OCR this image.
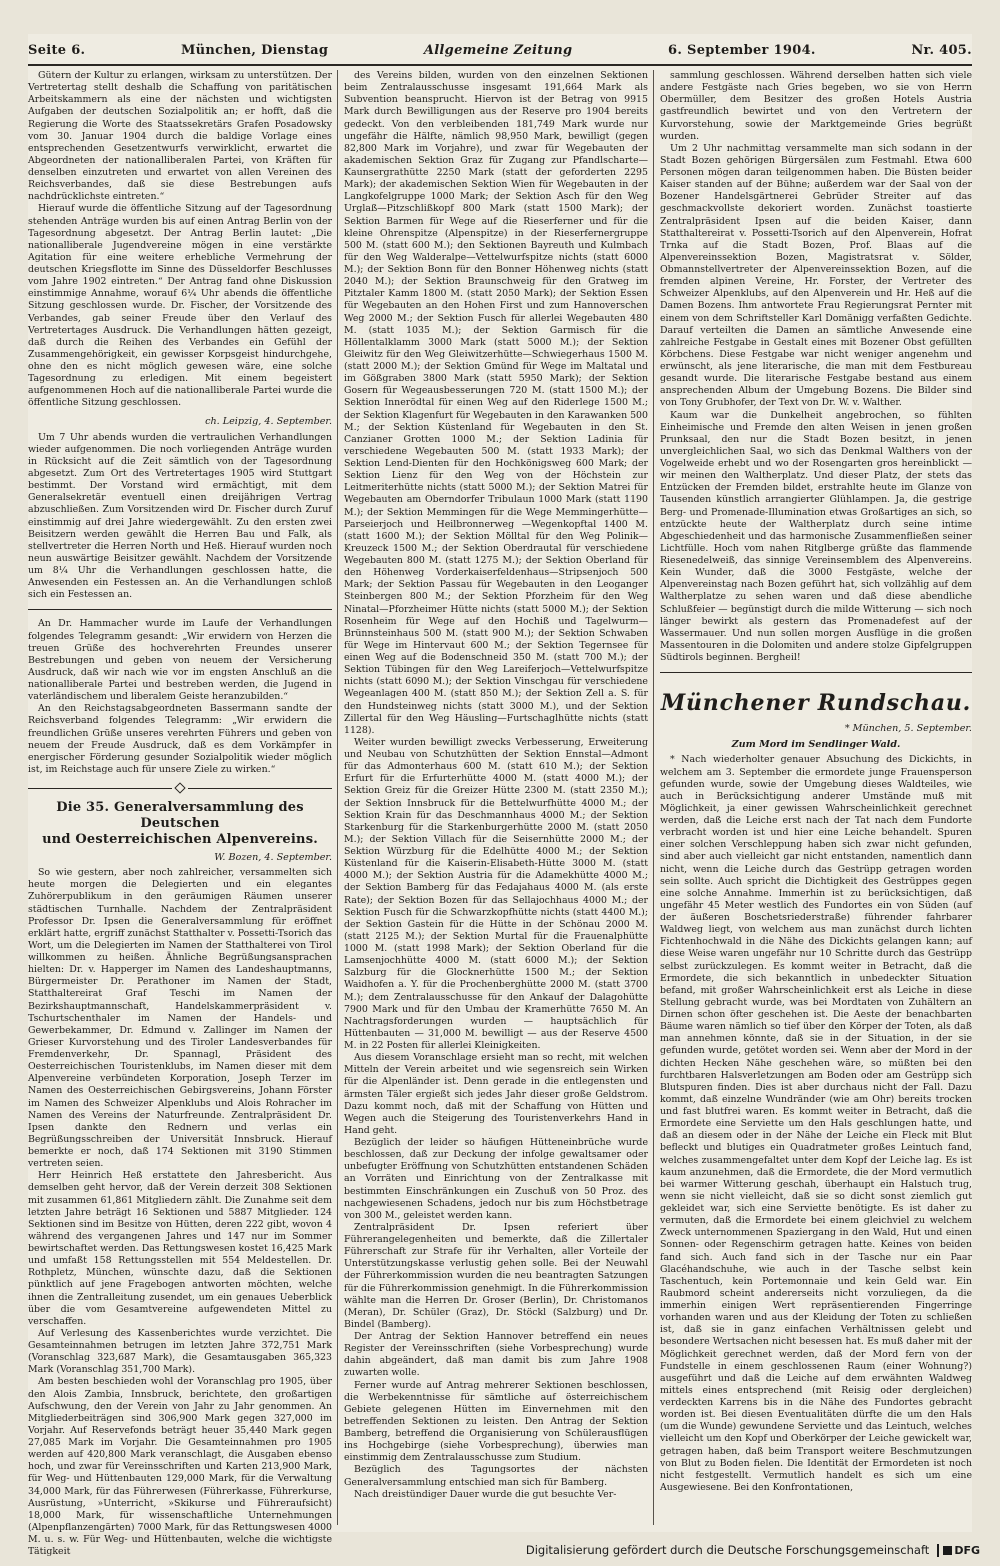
Seite 6.	München, Dienstag	Allgemeine Zeitung	6. September 1904.	Nr. 405.

Gütern der Kultur zu erlangen, wirksam zu unterstützen. Der Vertretertag stellt deshalb die Schaffung von paritätischen Arbeitskammern als eine der nächsten und wichtigsten Aufgaben der deutschen Sozialpolitik an; er hofft, daß die Regierung die Worte des Staatssekretärs Grafen Posadowsky vom 30. Januar 1904 durch die baldige Vorlage eines entsprechenden Gesetzentwurfs verwirklicht, erwartet die Abgeordneten der nationalliberalen Partei, von Kräften für denselben einzutreten und erwartet von allen Vereinen des Reichsverbandes, daß sie diese Bestrebungen aufs nachdrücklichste eintreten.“

Hierauf wurde die öffentliche Sitzung auf der Tagesordnung stehenden Anträge wurden bis auf einen Antrag Berlin von der Tagesordnung abgesetzt. Der Antrag Berlin lautet: „Die nationalliberale Jugendvereine mögen in eine verstärkte Agitation für eine weitere erhebliche Vermehrung der deutschen Kriegsflotte im Sinne des Düsseldorfer Beschlusses vom Jahre 1902 eintreten.“ Der Antrag fand ohne Diskussion einstimmige Annahme, worauf 6¼ Uhr abends die öffentliche Sitzung geschlossen wurde. Dr. Fischer, der Vorsitzende des Verbandes, gab seiner Freude über den Verlauf des Vertretertages Ausdruck. Die Verhandlungen hätten gezeigt, daß durch die Reihen des Verbandes ein Gefühl der Zusammengehörigkeit, ein gewisser Korpsgeist hindurchgehe, ohne den es nicht möglich gewesen wäre, eine solche Tagesordnung zu erledigen. Mit einem begeistert aufgenommenen Hoch auf die nationalliberale Partei wurde die öffentliche Sitzung geschlossen.

ch. Leipzig, 4. September.

Um 7 Uhr abends wurden die vertraulichen Verhandlungen wieder aufgenommen. Die noch vorliegenden Anträge wurden in Rücksicht auf die Zeit sämtlich von der Tagesordnung abgesetzt. Zum Ort des Vertretertages 1905 wird Stuttgart bestimmt. Der Vorstand wird ermächtigt, mit dem Generalsekretär eventuell einen dreijährigen Vertrag abzuschließen. Zum Vorsitzenden wird Dr. Fischer durch Zuruf einstimmig auf drei Jahre wiedergewählt. Zu den ersten zwei Beisitzern werden gewählt die Herren Bau und Falk, als stellvertreter die Herren North und Heß. Hierauf wurden noch neun auswärtige Beisitzer gewählt. Nachdem der Vorsitzende um 8¼ Uhr die Verhandlungen geschlossen hatte, die Anwesenden ein Festessen an. An die Verhandlungen schloß sich ein Festessen an.

An Dr. Hammacher wurde im Laufe der Verhandlungen folgendes Telegramm gesandt: „Wir erwidern von Herzen die treuen Grüße des hochverehrten Freundes unserer Bestrebungen und geben von neuem der Versicherung Ausdruck, daß wir nach wie vor im engsten Anschluß an die nationalliberale Partei und bestreben werden, die Jugend in vaterländischem und liberalem Geiste heranzubilden.“

An den Reichstagsabgeordneten Bassermann sandte der Reichsverband folgendes Telegramm: „Wir erwidern die freundlichen Grüße unseres verehrten Führers und geben von neuem der Freude Ausdruck, daß es dem Vorkämpfer in energischer Förderung gesunder Sozialpolitik wieder möglich ist, im Reichstage auch für unsere Ziele zu wirken.“

Die 35. Generalversammlung des Deutschen
und Oesterreichischen Alpenvereins.
W. Bozen, 4. September.

So wie gestern, aber noch zahlreicher, versammelten sich heute morgen die Delegierten und ein elegantes Zuhörerpublikum in den geräumigen Räumen unserer städtischen Turnhalle. Nachdem der Zentralpräsident Professor Dr. Ipsen die Generalversammlung für eröffnet erklärt hatte, ergriff zunächst Statthalter v. Possetti-Tsorich das Wort, um die Delegierten im Namen der Statthalterei von Tirol willkommen zu heißen. Ähnliche Begrüßungsansprachen hielten: Dr. v. Happerger im Namen des Landeshauptmanns, Bürgermeister Dr. Perathoner im Namen der Stadt, Statthaltereirat Graf Teschi im Namen der Bezirkshauptmannschaft, Handelskammerpräsident v. Tschurtschenthaler im Namen der Handels- und Gewerbekammer, Dr. Edmund v. Zallinger im Namen der Grieser Kurvorstehung und des Tiroler Landesverbandes für Fremdenverkehr, Dr. Spannagl, Präsident des Oesterreichischen Touristenklubs, im Namen dieser mit dem Alpenvereine verbündeten Korporation, Joseph Terzer im Namen des Oesterreichischen Gebirgsvereins, Johann Förster im Namen des Schweizer Alpenklubs und Alois Rohracher im Namen des Vereins der Naturfreunde. Zentralpräsident Dr. Ipsen dankte den Rednern und verlas ein Begrüßungsschreiben der Universität Innsbruck. Hierauf bemerkte er noch, daß 174 Sektionen mit 3190 Stimmen vertreten seien.

Herr Heinrich Heß erstattete den Jahresbericht. Aus demselben geht hervor, daß der Verein derzeit 308 Sektionen mit zusammen 61,861 Mitgliedern zählt. Die Zunahme seit dem letzten Jahre beträgt 16 Sektionen und 5887 Mitglieder. 124 Sektionen sind im Besitze von Hütten, deren 222 gibt, wovon 4 während des vergangenen Jahres und 147 nur im Sommer bewirtschaftet werden. Das Rettungswesen kostet 16,425 Mark und umfaßt 158 Rettungsstellen mit 554 Meldestellen. Dr. Rothpletz, München, wünschte dazu, daß die Sektionen pünktlich auf jene Fragebogen antworten möchten, welche ihnen die Zentralleitung zusendet, um ein genaues Ueberblick über die vom Gesamtvereine aufgewendeten Mittel zu verschaffen.

Auf Verlesung des Kassenberichtes wurde verzichtet. Die Gesamteinnahmen betrugen im letzten Jahre 372,751 Mark (Voranschlag 323,687 Mark), die Gesamtausgaben 365,323 Mark (Voranschlag 351,700 Mark).

Am besten beschieden wohl der Voranschlag pro 1905, über den Alois Zambia, Innsbruck, berichtete, den großartigen Aufschwung, den der Verein von Jahr zu Jahr genommen. An Mitgliederbeiträgen sind 306,900 Mark gegen 327,000 im Vorjahr. Auf Reservefonds beträgt heuer 35,440 Mark gegen 27,085 Mark im Vorjahr. Die Gesamteinnahmen pro 1905 werden auf 420,800 Mark veranschlagt, die Ausgaben ebenso hoch, und zwar für Vereinsschriften und Karten 213,900 Mark, für Weg- und Hüttenbauten 129,000 Mark, für die Verwaltung 34,000 Mark, für das Führerwesen (Führerkasse, Führerkurse, Ausrüstung, »Unterricht, »Skikurse und Führeraufsicht) 18,000 Mark, für wissenschaftliche Unternehmungen (Alpenpflanzengärten) 7000 Mark, für das Rettungswesen 4000 M. u. s. w. Für Weg- und Hüttenbauten, welche die wichtigste Tätigkeit

des Vereins bilden, wurden von den einzelnen Sektionen beim Zentralausschusse insgesamt 191,664 Mark als Subvention beansprucht. Hiervon ist der Betrag von 9915 Mark durch Bewilligungen aus der Reserve pro 1904 bereits gedeckt. Von den verbleibenden 181,749 Mark wurde nur ungefähr die Hälfte, nämlich 98,950 Mark, bewilligt (gegen 82,800 Mark im Vorjahre), und zwar für Wegebauten der akademischen Sektion Graz für Zugang zur Pfandlscharte—Kaunsergrathütte 2250 Mark (statt der geforderten 2295 Mark); der akademischen Sektion Wien für Wegebauten in der Langkofelgruppe 1000 Mark; der Sektion Asch für den Weg Urglaß—Pitzschlißkopf 800 Mark (statt 1500 Mark); der Sektion Barmen für Wege auf die Rieserferner und für die kleine Ohrenspitze (Alpenspitze) in der Rieserfernergruppe 500 M. (statt 600 M.); den Sektionen Bayreuth und Kulmbach für den Weg Walderalpe—Vettelwurfspitze nichts (statt 6000 M.); der Sektion Bonn für den Bonner Höhenweg nichts (statt 2040 M.); der Sektion Braunschweig für den Gratweg im Pitztaler Kamm 1800 M. (statt 2050 Mark); der Sektion Essen für Wegebauten an den Hohen First und zum Hannoverschen Weg 2000 M.; der Sektion Fusch für allerlei Wegebauten 480 M. (statt 1035 M.); der Sektion Garmisch für die Höllentalklamm 3000 Mark (statt 5000 M.); der Sektion Gleiwitz für den Weg Gleiwitzerhütte—Schwiegerhaus 1500 M. (statt 2000 M.); der Sektion Gmünd für Wege im Maltatal und im Gößgraben 3800 Mark (statt 5950 Mark); der Sektion Gosern für Wegeausbesserungen 720 M. (statt 1500 M.); der Sektion Innerödtal für einen Weg auf den Riderlege 1500 M.; der Sektion Klagenfurt für Wegebauten in den Karawanken 500 M.; der Sektion Küstenland für Wegebauten in den St. Canzianer Grotten 1000 M.; der Sektion Ladinia für verschiedene Wegebauten 500 M. (statt 1933 Mark); der Sektion Lend-Dienten für den Hochkönigsweg 600 Mark; der Sektion Lienz für den Weg von der Höchstein zur Leitmeriterhütte nichts (statt 5000 M.); der Sektion Matrei für Wegebauten am Oberndorfer Tribulaun 1000 Mark (statt 1190 M.); der Sektion Memmingen für die Wege Memmingerhütte—Parseierjoch und Heilbronnerweg —Wegenkopftal 1400 M. (statt 1600 M.); der Sektion Mölltal für den Weg Polinik—Kreuzeck 1500 M.; der Sektion Oberdrautal für verschiedene Wegebauten 800 M. (statt 1275 M.); der Sektion Oberland für den Höhenweg Vorderkaiserfeldenhaus—Stripsenjoch 500 Mark; der Sektion Passau für Wegebauten in den Leoganger Steinbergen 800 M.; der Sektion Pforzheim für den Weg Ninatal—Pforzheimer Hütte nichts (statt 5000 M.); der Sektion Rosenheim für Wege auf den Hochiß und Tagelwurm—Brünnsteinhaus 500 M. (statt 900 M.); der Sektion Schwaben für Wege im Hintervaut 600 M.; der Sektion Tegernsee für einen Weg auf die Bodenschneid 350 M. (statt 700 M.); der Sektion Tübingen für den Weg Lareiferjoch—Vettelwurfspitze nichts (statt 6090 M.); der Sektion Vinschgau für verschiedene Wegeanlagen 400 M. (statt 850 M.); der Sektion Zell a. S. für den Hundsteinweg nichts (statt 3000 M.), und der Sektion Zillertal für den Weg Häusling—Furtschaglhütte nichts (statt 1128).

Weiter wurden bewilligt zwecks Verbesserung, Erweiterung und Neubau von Schutzhütten der Sektion Ennstal—Admont für das Admonterhaus 600 M. (statt 610 M.); der Sektion Erfurt für die Erfurterhütte 4000 M. (statt 4000 M.); der Sektion Greiz für die Greizer Hütte 2300 M. (statt 2350 M.); der Sektion Innsbruck für die Bettelwurfhütte 4000 M.; der Sektion Krain für das Deschmannhaus 4000 M.; der Sektion Starkenburg für die Starkenburgerhütte 2000 M. (statt 2050 M.); der Sektion Villach für die Seisernhütte 2000 M.; der Sektion Würzburg für die Edelhütte 4000 M.; der Sektion Küstenland für die Kaiserin-Elisabeth-Hütte 3000 M. (statt 4000 M.); der Sektion Austria für die Adamekhütte 4000 M.; der Sektion Bamberg für das Fedajahaus 4000 M. (als erste Rate); der Sektion Bozen für das Sellajochhaus 4000 M.; der Sektion Fusch für die Schwarzkopfhütte nichts (statt 4400 M.); der Sektion Gastein für die Hütte in der Schönau 2000 M. (statt 2125 M.); der Sektion Murtal für die Frauenalphütte 1000 M. (statt 1998 Mark); der Sektion Oberland für die Lamsenjochhütte 4000 M. (statt 6000 M.); der Sektion Salzburg für die Glocknerhütte 1500 M.; der Sektion Waidhofen a. Y. für die Prochenberghütte 2000 M. (statt 3700 M.); dem Zentralausschusse für den Ankauf der Dalagohütte 7900 Mark und für den Umbau der Kramerhütte 7650 M. An Nachtragsforderungen wurden — hauptsächlich für Hüttenbauten — 31,000 M. bewilligt — aus der Reserve 4500 M. in 22 Posten für allerlei Kleinigkeiten.

Aus diesem Voranschlage ersieht man so recht, mit welchen Mitteln der Verein arbeitet und wie segensreich sein Wirken für die Alpenländer ist. Denn gerade in die entlegensten und ärmsten Täler ergießt sich jedes Jahr dieser große Geldstrom. Dazu kommt noch, daß mit der Schaffung von Hütten und Wegen auch die Steigerung des Touristenverkehrs Hand in Hand geht.

Bezüglich der leider so häufigen Hütteneinbrüche wurde beschlossen, daß zur Deckung der infolge gewaltsamer oder unbefugter Eröffnung von Schutzhütten entstandenen Schäden an Vorräten und Einrichtung von der Zentralkasse mit bestimmten Einschränkungen ein Zuschuß von 50 Proz. des nachgewiesenen Schadens, jedoch nur bis zum Höchstbetrage von 300 M., geleistet werden kann.

Zentralpräsident Dr. Ipsen referiert über Führerangelegenheiten und bemerkte, daß die Zillertaler Führerschaft zur Strafe für ihr Verhalten, aller Vorteile der Unterstützungskasse verlustig gehen solle. Bei der Neuwahl der Führerkommission wurden die neu beantragten Satzungen für die Führerkommission genehmigt. In die Führerkommission wählte man die Herren Dr. Groser (Berlin), Dr. Christomanos (Meran), Dr. Schüler (Graz), Dr. Stöckl (Salzburg) und Dr. Bindel (Bamberg).

Der Antrag der Sektion Hannover betreffend ein neues Register der Vereinsschriften (siehe Vorbesprechung) wurde dahin abgeändert, daß man damit bis zum Jahre 1908 zuwarten wolle.

Ferner wurde auf Antrag mehrerer Sektionen beschlossen, die Werbekenntnisse für sämtliche auf österreichischem Gebiete gelegenen Hütten im Einvernehmen mit den betreffenden Sektionen zu leisten. Den Antrag der Sektion Bamberg, betreffend die Organisierung von Schülerausflügen ins Hochgebirge (siehe Vorbesprechung), überwies man einstimmig dem Zentralausschusse zum Studium.

Bezüglich des Tagungsortes der nächsten Generalversammlung entschied man sich für Bamberg.

Nach dreistündiger Dauer wurde die gut besuchte Ver-

sammlung geschlossen. Während derselben hatten sich viele andere Festgäste nach Gries begeben, wo sie von Herrn Obermüller, dem Besitzer des großen Hotels Austria gastfreundlich bewirtet und von den Vertretern der Kurvorstehung, sowie der Marktgemeinde Gries begrüßt wurden.

Um 2 Uhr nachmittag versammelte man sich sodann in der Stadt Bozen gehörigen Bürgersälen zum Festmahl. Etwa 600 Personen mögen daran teilgenommen haben. Die Büsten beider Kaiser standen auf der Bühne; außerdem war der Saal von der Bozener Handelsgärtnerei Gebrüder Streiter auf das geschmackvollste dekoriert worden. Zunächst toastierte Zentralpräsident Ipsen auf die beiden Kaiser, dann Statthaltereirat v. Possetti-Tsorich auf den Alpenverein, Hofrat Trnka auf die Stadt Bozen, Prof. Blaas auf die Alpenvereinssektion Bozen, Magistratsrat v. Sölder, Obmannstellvertreter der Alpenvereinssektion Bozen, auf die fremden alpinen Vereine, Hr. Forster, der Vertreter des Schweizer Alpenklubs, auf den Alpenverein und Hr. Heß auf die Damen Bozens. Ihm antwortete Frau Regierungsrat Pernter mit einem von dem Schriftsteller Karl Domänigg verfaßten Gedichte. Darauf verteilten die Damen an sämtliche Anwesende eine zahlreiche Festgabe in Gestalt eines mit Bozener Obst gefüllten Körbchens. Diese Festgabe war nicht weniger angenehm und erwünscht, als jene literarische, die man mit dem Festbureau gesandt wurde. Die literarische Festgabe bestand aus einem ansprechenden Album der Umgebung Bozens. Die Bilder sind von Tony Grubhofer, der Text von Dr. W. v. Walther.

Kaum war die Dunkelheit angebrochen, so fühlten Einheimische und Fremde den alten Weisen in jenen großen Prunksaal, den nur die Stadt Bozen besitzt, in jenen unvergleichlichen Saal, wo sich das Denkmal Walthers von der Vogelweide erhebt und wo der Rosengarten gros hereinblickt — wir meinen den Waltherplatz. Und dieser Platz, der stets das Entzücken der Fremden bildet, erstrahlte heute im Glanze von Tausenden künstlich arrangierter Glühlampen. Ja, die gestrige Berg- und Promenade-Illumination etwas Großartiges an sich, so entzückte heute der Waltherplatz durch seine intime Abgeschiedenheit und das harmonische Zusammenfließen seiner Lichtfülle. Hoch vom nahen Ritglberge grüßte das flammende Riesenedelweiß, das sinnige Vereinsemblem des Alpenvereins. Kein Wunder, daß die 3000 Festgäste, welche der Alpenvereinstag nach Bozen geführt hat, sich vollzählig auf dem Waltherplatze zu sehen waren und daß diese abendliche Schlußfeier — begünstigt durch die milde Witterung — sich noch länger bewirkt als gestern das Promenadefest auf der Wassermauer. Und nun sollen morgen Ausflüge in die großen Massentouren in die Dolomiten und andere stolze Gipfelgruppen Südtirols beginnen. Bergheil!

Münchener Rundschau.
* München, 5. September.
Zum Mord im Sendlinger Wald.

* Nach wiederholter genauer Absuchung des Dickichts, in welchem am 3. September die ermordete junge Frauensperson gefunden wurde, sowie der Umgebung dieses Waldteiles, wie auch in Berücksichtigung anderer Umstände muß mit Möglichkeit, ja einer gewissen Wahrscheinlichkeit gerechnet werden, daß die Leiche erst nach der Tat nach dem Fundorte verbracht worden ist und hier eine Leiche behandelt. Spuren einer solchen Verschleppung haben sich zwar nicht gefunden, sind aber auch vielleicht gar nicht entstanden, namentlich dann nicht, wenn die Leiche durch das Gestrüpp getragen worden sein sollte. Auch spricht die Dichtigkeit des Gestrüppes gegen eine solche Annahme. Immerhin ist zu berücksichtigen, daß ungefähr 45 Meter westlich des Fundortes ein von Süden (auf der äußeren Boschetsriederstraße) führender fahrbarer Waldweg liegt, von welchem aus man zunächst durch lichten Fichtenhochwald in die Nähe des Dickichts gelangen kann; auf diese Weise waren ungefähr nur 10 Schritte durch das Gestrüpp selbst zurückzulegen. Es kommt weiter in Betracht, daß die Ermordete, die sich bekanntlich in unbedeckter Situation befand, mit großer Wahrscheinlichkeit erst als Leiche in diese Stellung gebracht wurde, was bei Mordtaten von Zuhältern an Dirnen schon öfter geschehen ist. Die Aeste der benachbarten Bäume waren nämlich so tief über den Körper der Toten, als daß man annehmen könnte, daß sie in der Situation, in der sie gefunden wurde, getötet worden sei. Wenn aber der Mord in der dichten Hecken Nähe geschehen wäre, so müßten bei den furchtbaren Halsverletzungen am Boden oder am Gestrüpp sich Blutspuren finden. Dies ist aber durchaus nicht der Fall. Dazu kommt, daß einzelne Wundränder (wie am Ohr) bereits trocken und fast blutfrei waren. Es kommt weiter in Betracht, daß die Ermordete eine Serviette um den Hals geschlungen hatte, und daß an diesem oder in der Nähe der Leiche ein Fleck mit Blut befleckt und blutiges ein Quadratmeter großes Leintuch fand, welches zusammengefaltet unter dem Kopf der Leiche lag. Es ist kaum anzunehmen, daß die Ermordete, die der Mord vermutlich bei warmer Witterung geschah, überhaupt ein Halstuch trug, wenn sie nicht vielleicht, daß sie so dicht sonst ziemlich gut gekleidet war, sich eine Serviette benötigte. Es ist daher zu vermuten, daß die Ermordete bei einem gleichviel zu welchem Zweck unternommenen Spaziergang in den Wald, Hut und einen Sonnen- oder Regenschirm getragen hatte. Keines von beiden fand sich. Auch fand sich in der Tasche nur ein Paar Glacéhandschuhe, wie auch in der Tasche selbst kein Taschentuch, kein Portemonnaie und kein Geld war. Ein Raubmord scheint andererseits nicht vorzuliegen, da die immerhin einigen Wert repräsentierenden Fingerringe vorhanden waren und aus der Kleidung der Toten zu schließen ist, daß sie in ganz einfachen Verhältnissen gelebt und besondere Wertsachen nicht besessen hat. Es muß daher mit der Möglichkeit gerechnet werden, daß der Mord fern von der Fundstelle in einem geschlossenen Raum (einer Wohnung?) ausgeführt und daß die Leiche auf dem erwähnten Waldweg mittels eines entsprechend (mit Reisig oder dergleichen) verdeckten Karrens bis in die Nähe des Fundortes gebracht worden ist. Bei diesen Eventualitäten dürfte die um den Hals (um die Wunde) gewundene Serviette und das Leintuch, welches vielleicht um den Kopf und Oberkörper der Leiche gewickelt war, getragen haben, daß beim Transport weitere Beschmutzungen von Blut zu Boden fielen. Die Identität der Ermordeten ist noch nicht festgestellt. Vermutlich handelt es sich um eine Ausgewiesene. Bei den Konfrontationen,

Digitalisierung gefördert durch die Deutsche Forschungsgemeinschaft DFG
